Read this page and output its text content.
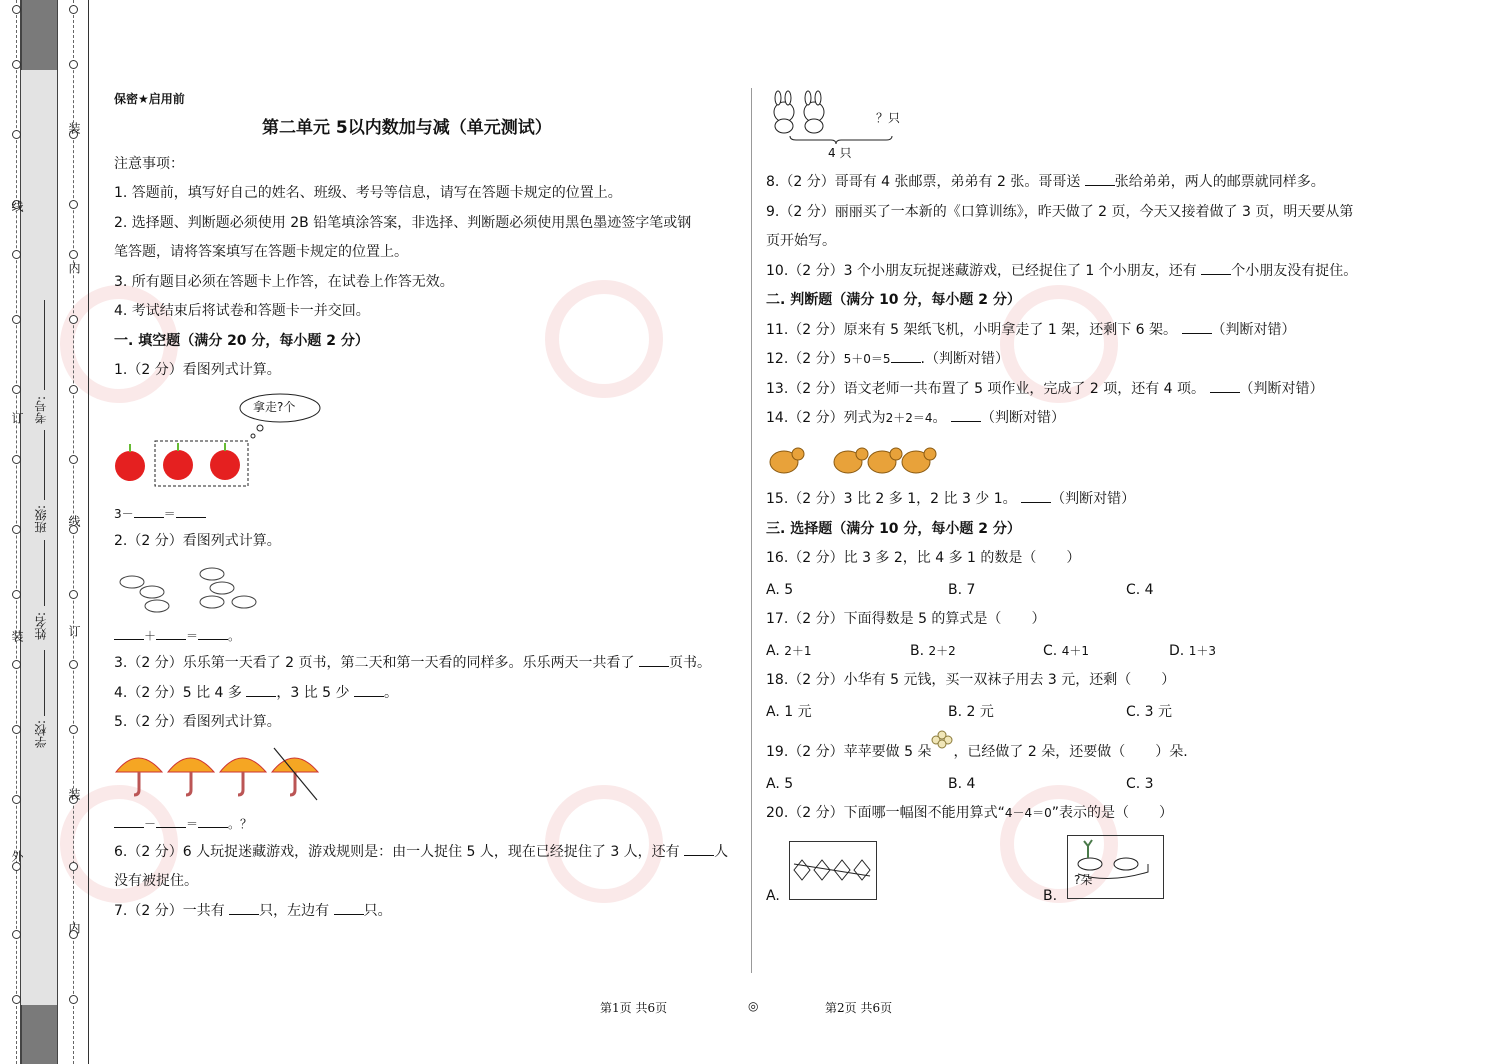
学校:
姓名:
班级:
考号:
外
装
订
线
装
内
线
订
装
内
保密★启用前
第二单元 5以内数加与减（单元测试）
注意事项：
1. 答题前，填写好自己的姓名、班级、考号等信息，请写在答题卡规定的位置上。
2. 选择题、判断题必须使用 2B 铅笔填涂答案，非选择、判断题必须使用黑色墨迹签字笔或钢
笔答题，请将答案填写在答题卡规定的位置上。
3. 所有题目必须在答题卡上作答，在试卷上作答无效。
4. 考试结束后将试卷和答题卡一并交回。
一. 填空题（满分 20 分，每小题 2 分）
1.（2 分）看图列式计算。
拿走?个
3－	＝
2.（2 分）看图列式计算。
＋	＝	。
3.（2 分）乐乐第一天看了 2 页书，第二天和第一天看的同样多。乐乐两天一共看了 页书。
4.（2 分）5 比 4 多 ，3 比 5 少 。
5.（2 分）看图列式计算。
－	＝	。？
6.（2 分）6 人玩捉迷藏游戏，游戏规则是：由一人捉住 5 人，现在已经捉住了 3 人，还有 人
没有被捉住。
7.（2 分）一共有 只，左边有 只。
？只
4 只
8.（2 分）哥哥有 4 张邮票，弟弟有 2 张。哥哥送 张给弟弟，两人的邮票就同样多。
9.（2 分）丽丽买了一本新的《口算训练》，昨天做了 2 页，今天又接着做了 3 页，明天要从第
页开始写。
10.（2 分）3 个小朋友玩捉迷藏游戏，已经捉住了 1 个小朋友，还有 个小朋友没有捉住。
二. 判断题（满分 10 分，每小题 2 分）
11.（2 分）原来有 5 架纸飞机，小明拿走了 1 架，还剩下 6 架。 （判断对错）
12.（2 分）5＋0＝5 .（判断对错）
13.（2 分）语文老师一共布置了 5 项作业，完成了 2 项，还有 4 项。 （判断对错）
14.（2 分）列式为2＋2＝4。 （判断对错）
15.（2 分）3 比 2 多 1，2 比 3 少 1。 （判断对错）
三. 选择题（满分 10 分，每小题 2 分）
16.（2 分）比 3 多 2，比 4 多 1 的数是（ ）
A. 5	B. 7	C. 4
17.（2 分）下面得数是 5 的算式是（ ）
A. 2＋1	B. 2＋2	C. 4＋1	D. 1＋3
18.（2 分）小华有 5 元钱，买一双袜子用去 3 元，还剩（ ）
A. 1 元	B. 2 元	C. 3 元
19.（2 分）苹苹要做 5 朵 ，已经做了 2 朵，还要做（ ）朵.
A. 5	B. 4	C. 3
20.（2 分）下面哪一幅图不能用算式“4－4＝0”表示的是（ ）
A.	B.
?朵
第1页 共6页	◎	第2页 共6页
